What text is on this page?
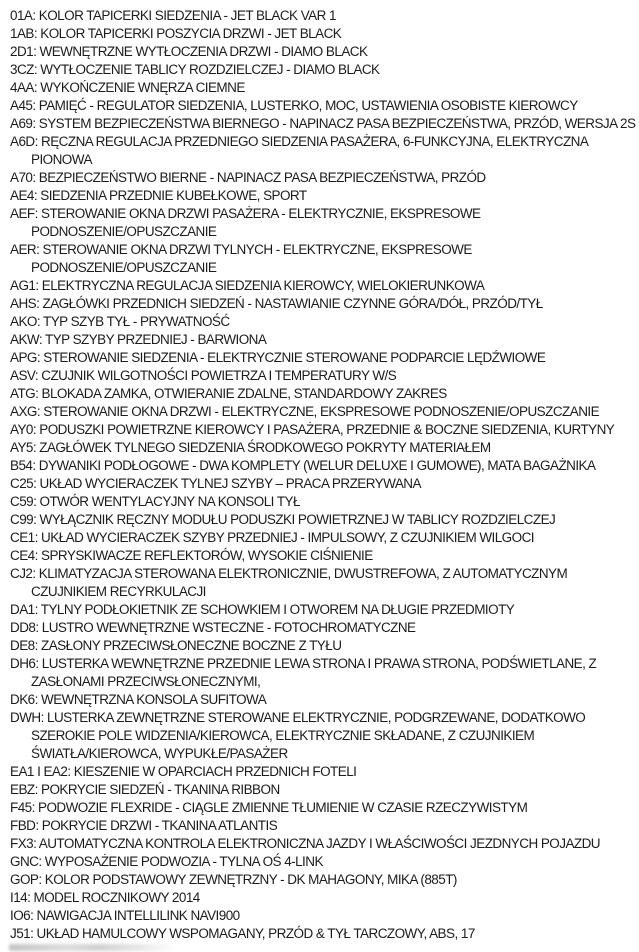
01A: KOLOR TAPICERKI SIEDZENIA - JET BLACK VAR 1
1AB: KOLOR TAPICERKI POSZYCIA DRZWI - JET BLACK
2D1: WEWNĘTRZNE WYTŁOCZENIA DRZWI - DIAMO BLACK
3CZ: WYTŁOCZENIE TABLICY ROZDZIELCZEJ - DIAMO BLACK
4AA: WYKOŃCZENIE WNĘRZA CIEMNE
A45: PAMIĘĆ - REGULATOR SIEDZENIA, LUSTERKO, MOC, USTAWIENIA OSOBISTE KIEROWCY
A69: SYSTEM BEZPIECZEŃSTWA BIERNEGO - NAPINACZ PASA BEZPIECZEŃSTWA, PRZÓD, WERSJA 2S
A6D: RĘCZNA REGULACJA PRZEDNIEGO SIEDZENIA PASAŻERA, 6-FUNKCYJNA, ELEKTRYCZNA
PIONOWA
A70: BEZPIECZEŃSTWO BIERNE - NAPINACZ PASA BEZPIECZEŃSTWA, PRZÓD
AE4: SIEDZENIA PRZEDNIE KUBEŁKOWE, SPORT
AEF: STEROWANIE OKNA DRZWI PASAŻERA - ELEKTRYCZNIE, EKSPRESOWE
PODNOSZENIE/OPUSZCZANIE
AER: STEROWANIE OKNA DRZWI TYLNYCH - ELEKTRYCZNE, EKSPRESOWE
PODNOSZENIE/OPUSZCZANIE
AG1: ELEKTRYCZNA REGULACJA SIEDZENIA KIEROWCY, WIELOKIERUNKOWA
AHS: ZAGŁÓWKI PRZEDNICH SIEDZEŃ - NASTAWIANIE CZYNNE GÓRA/DÓŁ, PRZÓD/TYŁ
AKO: TYP SZYB TYŁ - PRYWATNOŚĆ
AKW: TYP SZYBY PRZEDNIEJ - BARWIONA
APG: STEROWANIE SIEDZENIA - ELEKTRYCZNIE STEROWANE PODPARCIE LĘDŹWIOWE
ASV: CZUJNIK WILGOTNOŚCI POWIETRZA I TEMPERATURY W/S
ATG: BLOKADA ZAMKA, OTWIERANIE ZDALNE, STANDARDOWY ZAKRES
AXG: STEROWANIE OKNA DRZWI - ELEKTRYCZNE, EKSPRESOWE PODNOSZENIE/OPUSZCZANIE
AY0: PODUSZKI POWIETRZNE KIEROWCY I PASAŻERA, PRZEDNIE & BOCZNE SIEDZENIA, KURTYNY
AY5: ZAGŁÓWEK TYLNEGO SIEDZENIA ŚRODKOWEGO POKRYTY MATERIAŁEM
B54: DYWANIKI PODŁOGOWE - DWA KOMPLETY (WELUR DELUXE I GUMOWE), MATA BAGAŻNIKA
C25: UKŁAD WYCIERACZEK TYLNEJ SZYBY – PRACA PRZERYWANA
C59: OTWÓR WENTYLACYJNY NA KONSOLI TYŁ
C99: WYŁĄCZNIK RĘCZNY MODUŁU PODUSZKI POWIETRZNEJ W TABLICY ROZDZIELCZEJ
CE1: UKŁAD WYCIERACZEK SZYBY PRZEDNIEJ - IMPULSOWY, Z CZUJNIKIEM WILGOCI
CE4: SPRYSKIWACZE REFLEKTORÓW, WYSOKIE CIŚNIENIE
CJ2: KLIMATYZACJA STEROWANA ELEKTRONICZNIE, DWUSTREFOWA, Z AUTOMATYCZNYM
CZUJNIKIEM RECYRKULACJI
DA1: TYLNY PODŁOKIETNIK ZE SCHOWKIEM I OTWOREM NA DŁUGIE PRZEDMIOTY
DD8: LUSTRO WEWNĘTRZNE WSTECZNE - FOTOCHROMATYCZNE
DE8: ZASŁONY PRZECIWSŁONECZNE BOCZNE Z TYŁU
DH6: LUSTERKA WEWNĘTRZNE PRZEDNIE LEWA STRONA I PRAWA STRONA, PODŚWIETLANE, Z
ZASŁONAMI PRZECIWSŁONECZNYMI,
DK6: WEWNĘTRZNA KONSOLA SUFITOWA
DWH: LUSTERKA ZEWNĘTRZNE STEROWANE ELEKTRYCZNIE, PODGRZEWANE, DODATKOWO
SZEROKIE POLE WIDZENIA/KIEROWCA, ELEKTRYCZNIE SKŁADANE, Z CZUJNIKIEM
ŚWIATŁA/KIEROWCA, WYPUKŁE/PASAŻER
EA1 I EA2: KIESZENIE W OPARCIACH PRZEDNICH FOTELI
EBZ: POKRYCIE SIEDZEŃ - TKANINA RIBBON
F45: PODWOZIE FLEXRIDE - CIĄGLE ZMIENNE TŁUMIENIE W CZASIE RZECZYWISTYM
FBD: POKRYCIE DRZWI - TKANINA ATLANTIS
FX3: AUTOMATYCZNA KONTROLA ELEKTRONICZNA JAZDY I WŁAŚCIWOŚCI JEZDNYCH POJAZDU
GNC: WYPOSAŻENIE PODWOZIA - TYLNA OŚ 4-LINK
GOP: KOLOR PODSTAWOWY ZEWNĘTRZNY - DK MAHAGONY, MIKA (885T)
I14: MODEL ROCZNIKOWY 2014
IO6: NAWIGACJA INTELLILINK NAVI900
J51: UKŁAD HAMULCOWY WSPOMAGANY, PRZÓD & TYŁ TARCZOWY, ABS, 17
